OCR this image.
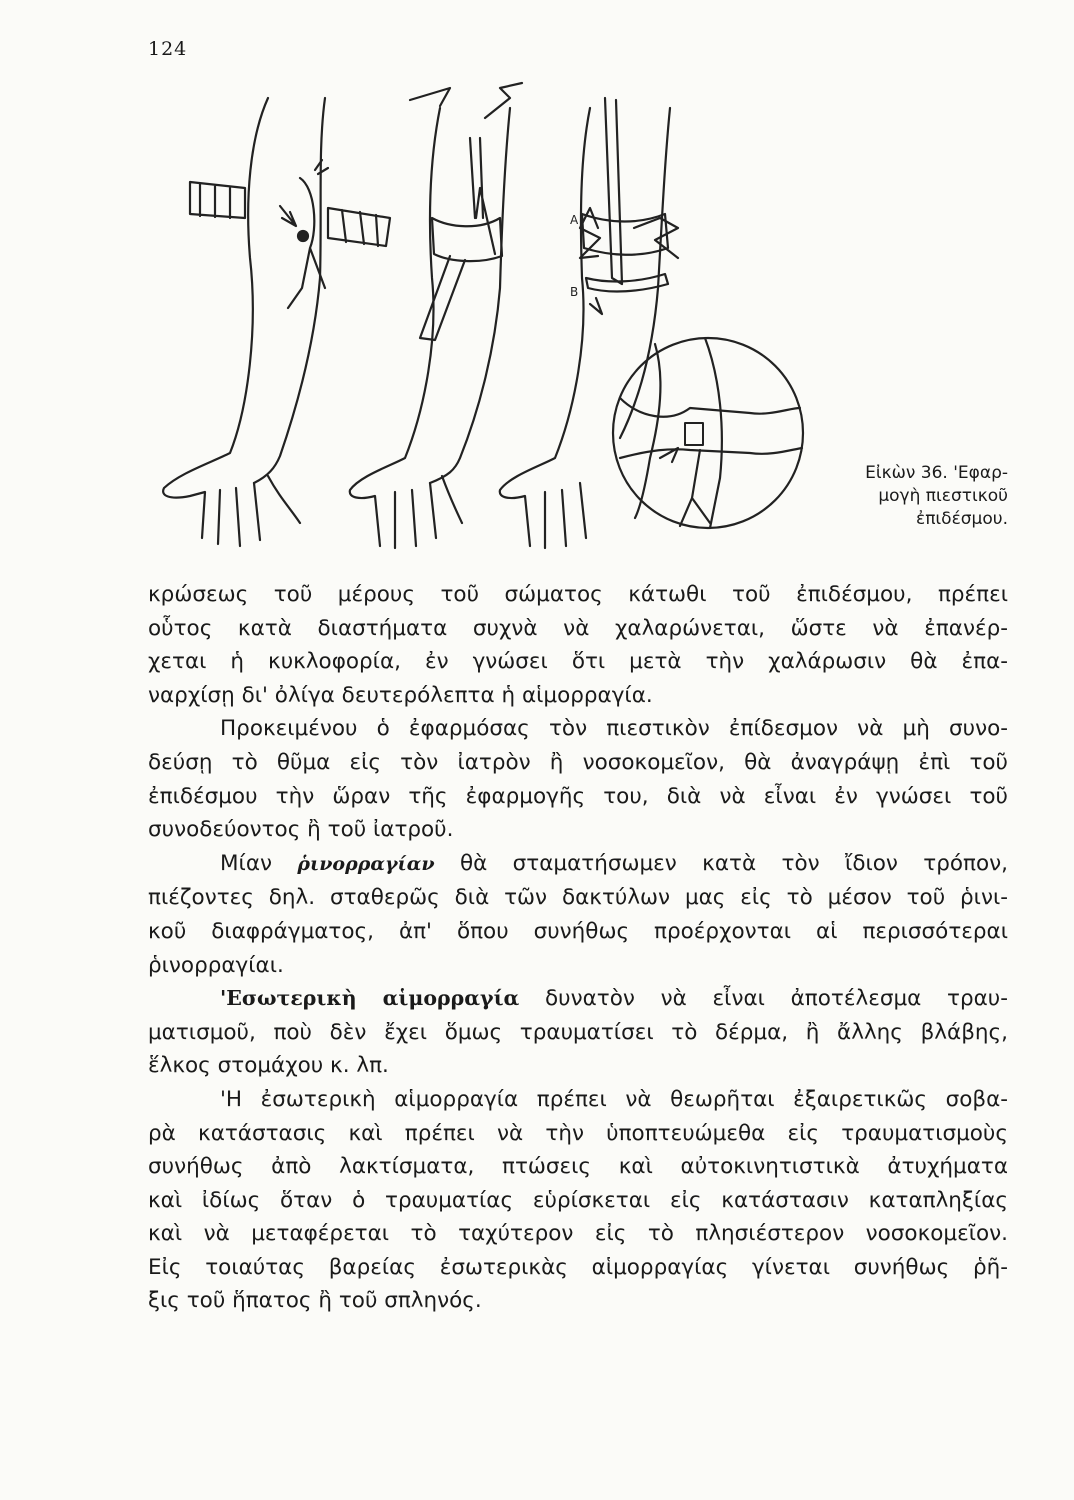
124
Α
Β
Εἰκὼν 36. 'Εφαρ-
μογὴ πιεστικοῦ
ἐπιδέσμου.

κρώσεως τοῦ μέρους τοῦ σώματος κάτωθι τοῦ ἐπιδέσμου, πρέπει
οὗτος κατὰ διαστήματα συχνὰ νὰ χαλαρώνεται, ὥστε νὰ ἐπανέρ-
χεται ἡ κυκλοφορία, ἐν γνώσει ὅτι μετὰ τὴν χαλάρωσιν θὰ ἐπα-
ναρχίσῃ δι' ὀλίγα δευτερόλεπτα ἡ αἱμορραγία.

Προκειμένου ὁ ἐφαρμόσας τὸν πιεστικὸν ἐπίδεσμον νὰ μὴ συνο-
δεύσῃ τὸ θῦμα εἰς τὸν ἰατρὸν ἢ νοσοκομεῖον, θὰ ἀναγράψῃ ἐπὶ τοῦ
ἐπιδέσμου τὴν ὥραν τῆς ἐφαρμογῆς του, διὰ νὰ εἶναι ἐν γνώσει τοῦ
συνοδεύοντος ἢ τοῦ ἰατροῦ.

Μίαν ῥινορραγίαν θὰ σταματήσωμεν κατὰ τὸν ἴδιον τρόπον,
πιέζοντες δηλ. σταθερῶς διὰ τῶν δακτύλων μας εἰς τὸ μέσον τοῦ ῥινι-
κοῦ διαφράγματος, ἀπ' ὅπου συνήθως προέρχονται αἱ περισσότεραι
ῥινορραγίαι.

'Εσωτερικὴ αἱμορραγία δυνατὸν νὰ εἶναι ἀποτέλεσμα τραυ-
ματισμοῦ, ποὺ δὲν ἔχει ὅμως τραυματίσει τὸ δέρμα, ἢ ἄλλης βλάβης,
ἕλκος στομάχου κ. λπ.

'Η ἐσωτερικὴ αἱμορραγία πρέπει νὰ θεωρῆται ἐξαιρετικῶς σοβα-
ρὰ κατάστασις καὶ πρέπει νὰ τὴν ὑποπτευώμεθα εἰς τραυματισμοὺς
συνήθως ἀπὸ λακτίσματα, πτώσεις καὶ αὐτοκινητιστικὰ ἀτυχήματα
καὶ ἰδίως ὅταν ὁ τραυματίας εὑρίσκεται εἰς κατάστασιν καταπληξίας
καὶ νὰ μεταφέρεται τὸ ταχύτερον εἰς τὸ πλησιέστερον νοσοκομεῖον.
Εἰς τοιαύτας βαρείας ἐσωτερικὰς αἱμορραγίας γίνεται συνήθως ῥῆ-
ξις τοῦ ἥπατος ἢ τοῦ σπληνός.
